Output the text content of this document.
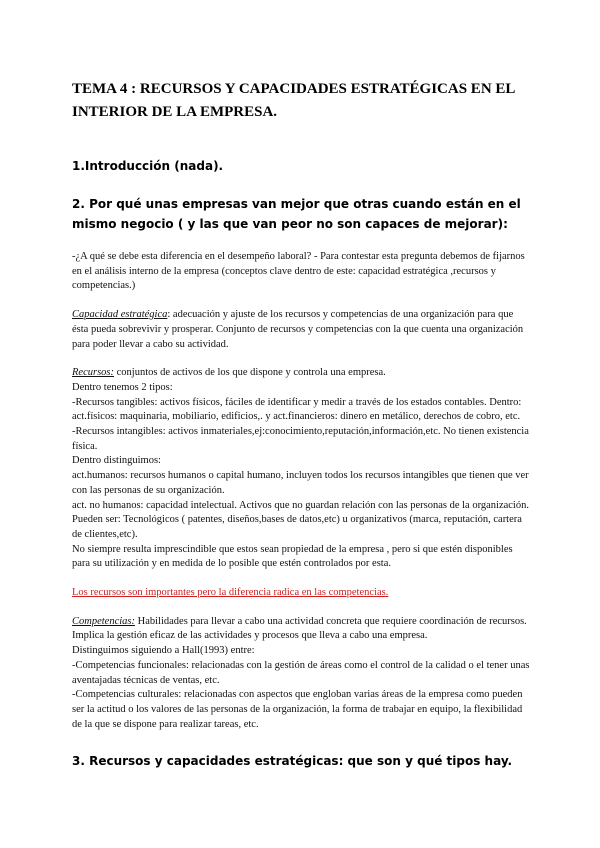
TEMA 4 : RECURSOS Y CAPACIDADES ESTRATÉGICAS EN EL INTERIOR DE LA EMPRESA.
1.Introducción (nada).
2. Por qué unas empresas van mejor que otras cuando están en el mismo negocio ( y las que van peor no son capaces de mejorar):

-¿A qué se debe esta diferencia en el desempeño laboral? - Para contestar esta pregunta debemos de fijarnos en el análisis interno de la empresa (conceptos clave dentro de este: capacidad estratégica ,recursos y competencias.)

Capacidad estratégica: adecuación y ajuste de los recursos y competencias de una organización para que ésta pueda sobrevivir y prosperar. Conjunto de recursos y competencias con la que cuenta una organización para poder llevar a cabo su actividad.

Recursos: conjuntos de activos de los que dispone y controla una empresa.
Dentro tenemos 2 tipos:
-Recursos tangibles: activos físicos, fáciles de identificar y medir a través de los estados contables. Dentro: act.físicos: maquinaria, mobiliario, edificios,. y act.financieros: dinero en metálico, derechos de cobro, etc.
-Recursos intangibles: activos inmateriales,ej:conocimiento,reputación,información,etc. No tienen existencia física.
Dentro distinguimos:
act.humanos: recursos humanos o capital humano, incluyen todos los recursos intangibles que tienen que ver con las personas de su organización.
act. no humanos: capacidad intelectual. Activos que no guardan relación con las personas de la organización. Pueden ser: Tecnológicos ( patentes, diseños,bases de datos,etc) u organizativos (marca, reputación, cartera de clientes,etc).
No siempre resulta imprescindible que estos sean propiedad de la empresa , pero si que estén disponibles para su utilización y en medida de lo posible que estén controlados por esta.

Los recursos son importantes pero la diferencia radica en las competencias.

Competencias: Habilidades para llevar a cabo una actividad concreta que requiere coordinación de recursos. Implica la gestión eficaz de las actividades y procesos que lleva a cabo una empresa.
Distinguimos siguiendo a Hall(1993) entre:
-Competencias funcionales: relacionadas con la gestión de áreas como el control de la calidad o el tener unas aventajadas técnicas de ventas, etc.
-Competencias culturales: relacionadas con aspectos que engloban varias áreas de la empresa como pueden ser la actitud o los valores de las personas de la organización, la forma de trabajar en equipo, la flexibilidad de la que se dispone para realizar tareas, etc.
3. Recursos y capacidades estratégicas: que son y qué tipos hay.
